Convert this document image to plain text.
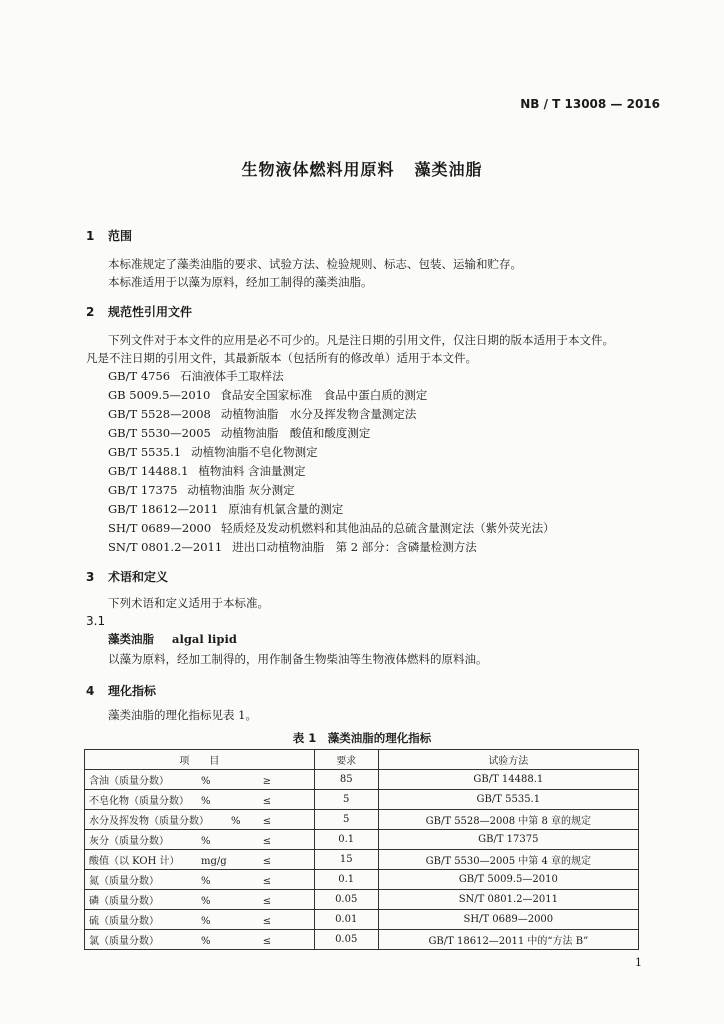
NB / T 13008 — 2016
生物液体燃料用原料 藻类油脂
1 范围
本标准规定了藻类油脂的要求、试验方法、检验规则、标志、包装、运输和贮存。
本标准适用于以藻为原料，经加工制得的藻类油脂。
2 规范性引用文件
下列文件对于本文件的应用是必不可少的。凡是注日期的引用文件，仅注日期的版本适用于本文件。
凡是不注日期的引用文件，其最新版本（包括所有的修改单）适用于本文件。
GB/T 4756 石油液体手工取样法
GB 5009.5—2010 食品安全国家标准　食品中蛋白质的测定
GB/T 5528—2008 动植物油脂　水分及挥发物含量测定法
GB/T 5530—2005 动植物油脂　酸值和酸度测定
GB/T 5535.1 动植物油脂不皂化物测定
GB/T 14488.1 植物油料 含油量测定
GB/T 17375 动植物油脂 灰分测定
GB/T 18612—2011 原油有机氯含量的测定
SH/T 0689—2000 轻质烃及发动机燃料和其他油品的总硫含量测定法（紫外荧光法）
SN/T 0801.2—2011 进出口动植物油脂　第 2 部分：含磷量检测方法
3 术语和定义
下列术语和定义适用于本标准。
3.1
藻类油脂 algal lipid
以藻为原料，经加工制得的，用作制备生物柴油等生物液体燃料的原料油。
4 理化指标
藻类油脂的理化指标见表 1。
表 1　藻类油脂的理化指标
项　　目	要求	试验方法
含油（质量分数） % ≥	85	GB/T 14488.1
不皂化物（质量分数） % ≤	5	GB/T 5535.1
水分及挥发物（质量分数） % ≤	5	GB/T 5528—2008 中第 8 章的规定
灰分（质量分数） % ≤	0.1	GB/T 17375
酸值（以 KOH 计） mg/g ≤	15	GB/T 5530—2005 中第 4 章的规定
氮（质量分数） % ≤	0.1	GB/T 5009.5—2010
磷（质量分数） % ≤	0.05	SN/T 0801.2—2011
硫（质量分数） % ≤	0.01	SH/T 0689—2000
氯（质量分数） % ≤	0.05	GB/T 18612—2011 中的“方法 B”
1
